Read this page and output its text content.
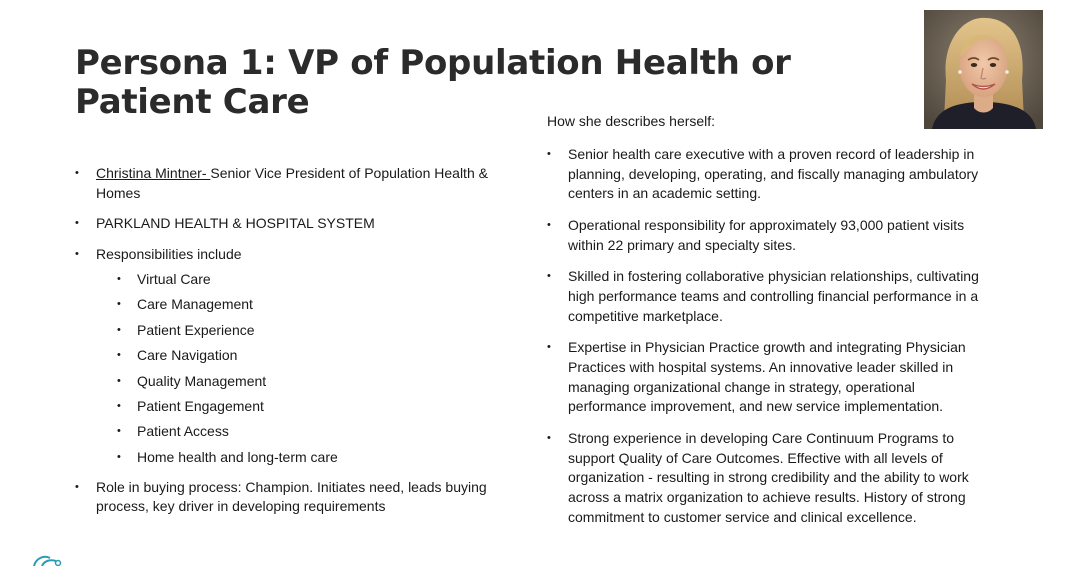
Persona 1: VP of Population Health or
Patient Care
• Christina Mintner- Senior Vice President of Population Health & Homes
• PARKLAND HEALTH & HOSPITAL SYSTEM
• Responsibilities include
• Virtual Care
• Care Management
• Patient Experience
• Care Navigation
• Quality Management
• Patient Engagement
• Patient Access
• Home health and long-term care
• Role in buying process: Champion. Initiates need, leads buying process, key driver in developing requirements

How she describes herself:

• Senior health care executive with a proven record of leadership in planning, developing, operating, and fiscally managing ambulatory centers in an academic setting.
• Operational responsibility for approximately 93,000 patient visits within 22 primary and specialty sites.
• Skilled in fostering collaborative physician relationships, cultivating high performance teams and controlling financial performance in a competitive marketplace.
• Expertise in Physician Practice growth and integrating Physician Practices with hospital systems. An innovative leader skilled in managing organizational change in strategy, operational performance improvement, and new service implementation.
• Strong experience in developing Care Continuum Programs to support Quality of Care Outcomes. Effective with all levels of organization - resulting in strong credibility and the ability to work across a matrix organization to achieve results. History of strong commitment to customer service and clinical excellence.
